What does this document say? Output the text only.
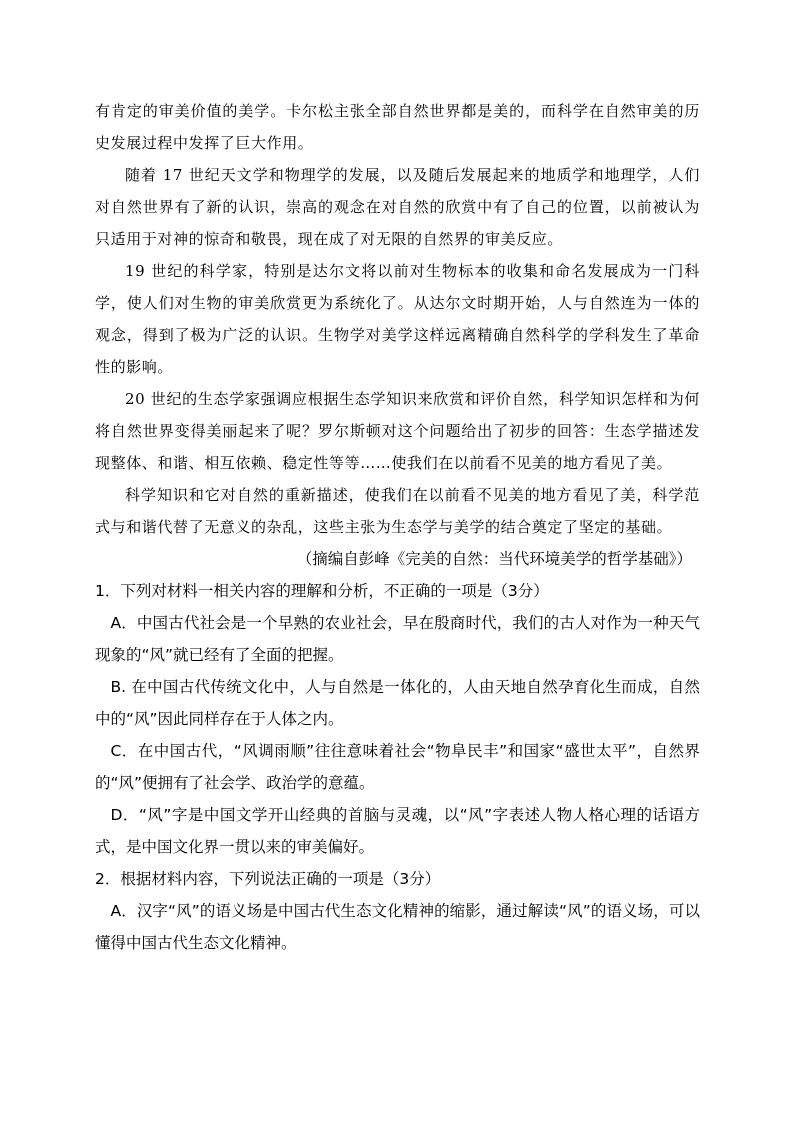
有肯定的审美价值的美学。卡尔松主张全部自然世界都是美的，而科学在自然审美的历史发展过程中发挥了巨大作用。

随着 17 世纪天文学和物理学的发展，以及随后发展起来的地质学和地理学，人们对自然世界有了新的认识，崇高的观念在对自然的欣赏中有了自己的位置，以前被认为只适用于对神的惊奇和敬畏，现在成了对无限的自然界的审美反应。

19 世纪的科学家，特别是达尔文将以前对生物标本的收集和命名发展成为一门科学，使人们对生物的审美欣赏更为系统化了。从达尔文时期开始，人与自然连为一体的观念，得到了极为广泛的认识。生物学对美学这样远离精确自然科学的学科发生了革命性的影响。

20 世纪的生态学家强调应根据生态学知识来欣赏和评价自然，科学知识怎样和为何将自然世界变得美丽起来了呢？罗尔斯顿对这个问题给出了初步的回答：生态学描述发现整体、和谐、相互依赖、稳定性等等……使我们在以前看不见美的地方看见了美。

科学知识和它对自然的重新描述，使我们在以前看不见美的地方看见了美，科学范式与和谐代替了无意义的杂乱，这些主张为生态学与美学的结合奠定了坚定的基础。

（摘编自彭峰《完美的自然：当代环境美学的哲学基础》）

1．下列对材料一相关内容的理解和分析，不正确的一项是（3分）

A．中国古代社会是一个早熟的农业社会，早在殷商时代，我们的古人对作为一种天气现象的“风”就已经有了全面的把握。

B. 在中国古代传统文化中，人与自然是一体化的，人由天地自然孕育化生而成，自然中的“风”因此同样存在于人体之内。

C．在中国古代，“风调雨顺”往往意味着社会“物阜民丰”和国家“盛世太平”，自然界的“风”便拥有了社会学、政治学的意蕴。

D．“风”字是中国文学开山经典的首脑与灵魂，以“风”字表述人物人格心理的话语方式，是中国文化界一贯以来的审美偏好。

2．根据材料内容，下列说法正确的一项是（3分）

A．汉字“风”的语义场是中国古代生态文化精神的缩影，通过解读“风”的语义场，可以懂得中国古代生态文化精神。
